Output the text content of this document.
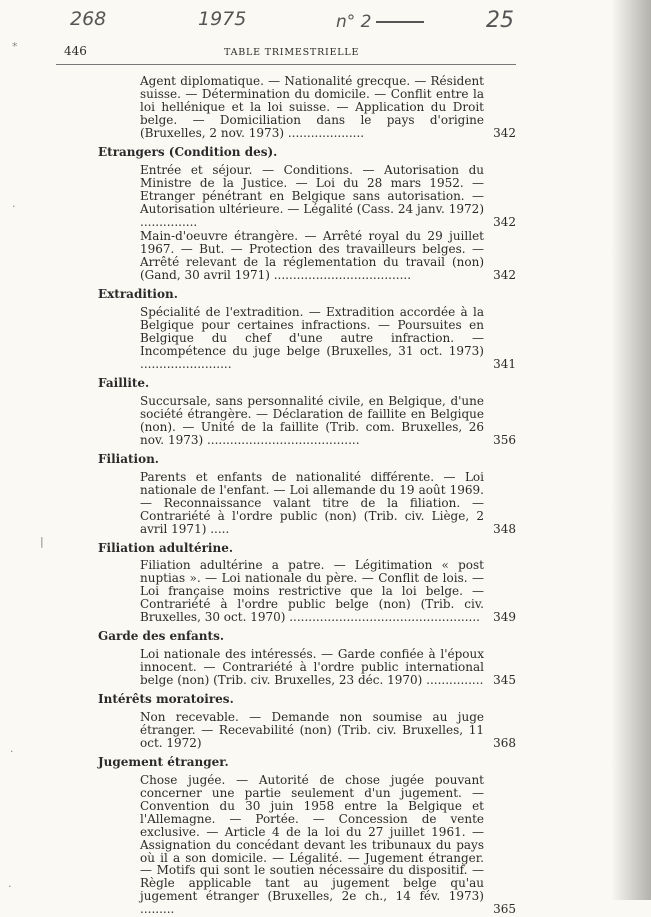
268	1975	n° 2	25
*
·
|
·
·
446	TABLE TRIMESTRIELLE
Agent diplomatique. — Nationalité grecque. — Résident suisse. — Détermination du domicile. — Conflit entre la loi hellénique et la loi suisse. — Application du Droit belge. — Domiciliation dans le pays d'origine (Bruxelles, 2 nov. 1973) ....................	342
Etrangers (Condition des).
Entrée et séjour. — Conditions. — Autorisation du Ministre de la Justice. — Loi du 28 mars 1952. — Etranger pénétrant en Belgique sans autorisation. — Autorisation ultérieure. — Légalité (Cass. 24 janv. 1972) ...............	342
Main-d'oeuvre étrangère. — Arrêté royal du 29 juillet 1967. — But. — Protection des travailleurs belges. — Arrêté relevant de la réglementation du travail (non) (Gand, 30 avril 1971) ....................................	342
Extradition.
Spécialité de l'extradition. — Extradition accordée à la Belgique pour certaines infractions. — Poursuites en Belgique du chef d'une autre infraction. — Incompétence du juge belge (Bruxelles, 31 oct. 1973) ........................	341
Faillite.
Succursale, sans personnalité civile, en Belgique, d'une société étrangère. — Déclaration de faillite en Belgique (non). — Unité de la faillite (Trib. com. Bruxelles, 26 nov. 1973) ........................................	356
Filiation.
Parents et enfants de nationalité différente. — Loi nationale de l'enfant. — Loi allemande du 19 août 1969. — Reconnaissance valant titre de la filiation. — Contrariété à l'ordre public (non) (Trib. civ. Liège, 2 avril 1971) .....	348
Filiation adultérine.
Filiation adultérine a patre. — Légitimation « post nuptias ». — Loi nationale du père. — Conflit de lois. — Loi française moins restrictive que la loi belge. — Contrariété à l'ordre public belge (non) (Trib. civ. Bruxelles, 30 oct. 1970) ..................................................	349
Garde des enfants.
Loi nationale des intéressés. — Garde confiée à l'époux innocent. — Contrariété à l'ordre public international belge (non) (Trib. civ. Bruxelles, 23 déc. 1970) ............... 345
Intérêts moratoires.
Non recevable. — Demande non soumise au juge étranger. — Recevabilité (non) (Trib. civ. Bruxelles, 11 oct. 1972)	368
Jugement étranger.
Chose jugée. — Autorité de chose jugée pouvant concerner une partie seulement d'un jugement. — Convention du 30 juin 1958 entre la Belgique et l'Allemagne. — Portée. — Concession de vente exclusive. — Article 4 de la loi du 27 juillet 1961. — Assignation du concédant devant les tribunaux du pays où il a son domicile. — Légalité. — Jugement étranger. — Motifs qui sont le soutien nécessaire du dispositif. — Règle applicable tant au jugement belge qu'au jugement étranger (Bruxelles, 2e ch., 14 fév. 1973) .........	365
